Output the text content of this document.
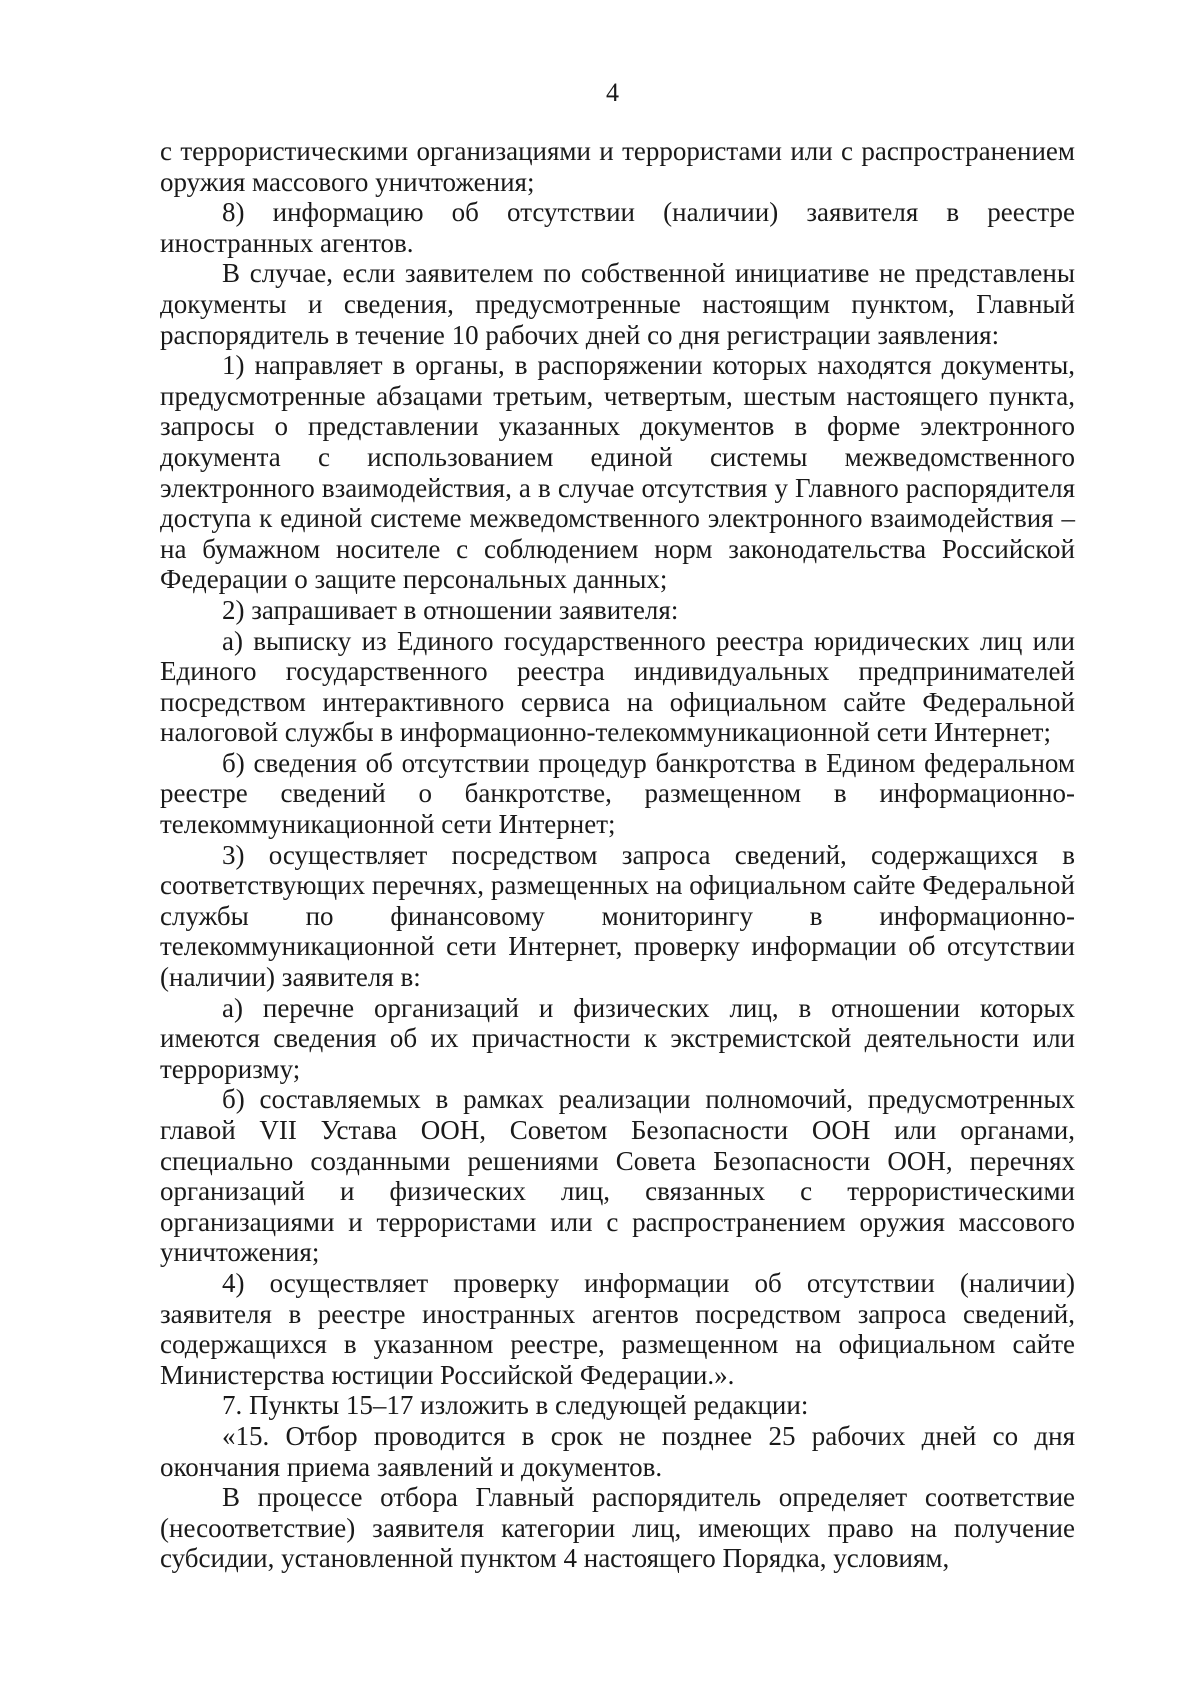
4

с террористическими организациями и террористами или с распространением оружия массового уничтожения;

8) информацию об отсутствии (наличии) заявителя в реестре иностранных агентов.

В случае, если заявителем по собственной инициативе не представлены документы и сведения, предусмотренные настоящим пунктом, Главный распорядитель в течение 10 рабочих дней со дня регистрации заявления:

1) направляет в органы, в распоряжении которых находятся документы, предусмотренные абзацами третьим, четвертым, шестым настоящего пункта, запросы о представлении указанных документов в форме электронного документа с использованием единой системы межведомственного электронного взаимодействия, а в случае отсутствия у Главного распорядителя доступа к единой системе межведомственного электронного взаимодействия – на бумажном носителе с соблюдением норм законодательства Российской Федерации о защите персональных данных;

2) запрашивает в отношении заявителя:

а) выписку из Единого государственного реестра юридических лиц или Единого государственного реестра индивидуальных предпринимателей посредством интерактивного сервиса на официальном сайте Федеральной налоговой службы в информационно-телекоммуникационной сети Интернет;

б) сведения об отсутствии процедур банкротства в Едином федеральном реестре сведений о банкротстве, размещенном в информационно-телекоммуникационной сети Интернет;

3) осуществляет посредством запроса сведений, содержащихся в соответствующих перечнях, размещенных на официальном сайте Федеральной службы по финансовому мониторингу в информационно-телекоммуникационной сети Интернет, проверку информации об отсутствии (наличии) заявителя в:

а) перечне организаций и физических лиц, в отношении которых имеются сведения об их причастности к экстремистской деятельности или терроризму;

б) составляемых в рамках реализации полномочий, предусмотренных главой VII Устава ООН, Советом Безопасности ООН или органами, специально созданными решениями Совета Безопасности ООН, перечнях организаций и физических лиц, связанных с террористическими организациями и террористами или с распространением оружия массового уничтожения;

4) осуществляет проверку информации об отсутствии (наличии) заявителя в реестре иностранных агентов посредством запроса сведений, содержащихся в указанном реестре, размещенном на официальном сайте Министерства юстиции Российской Федерации.».

7. Пункты 15–17 изложить в следующей редакции:

«15. Отбор проводится в срок не позднее 25 рабочих дней со дня окончания приема заявлений и документов.

В процессе отбора Главный распорядитель определяет соответствие (несоответствие) заявителя категории лиц, имеющих право на получение субсидии, установленной пунктом 4 настоящего Порядка, условиям,
